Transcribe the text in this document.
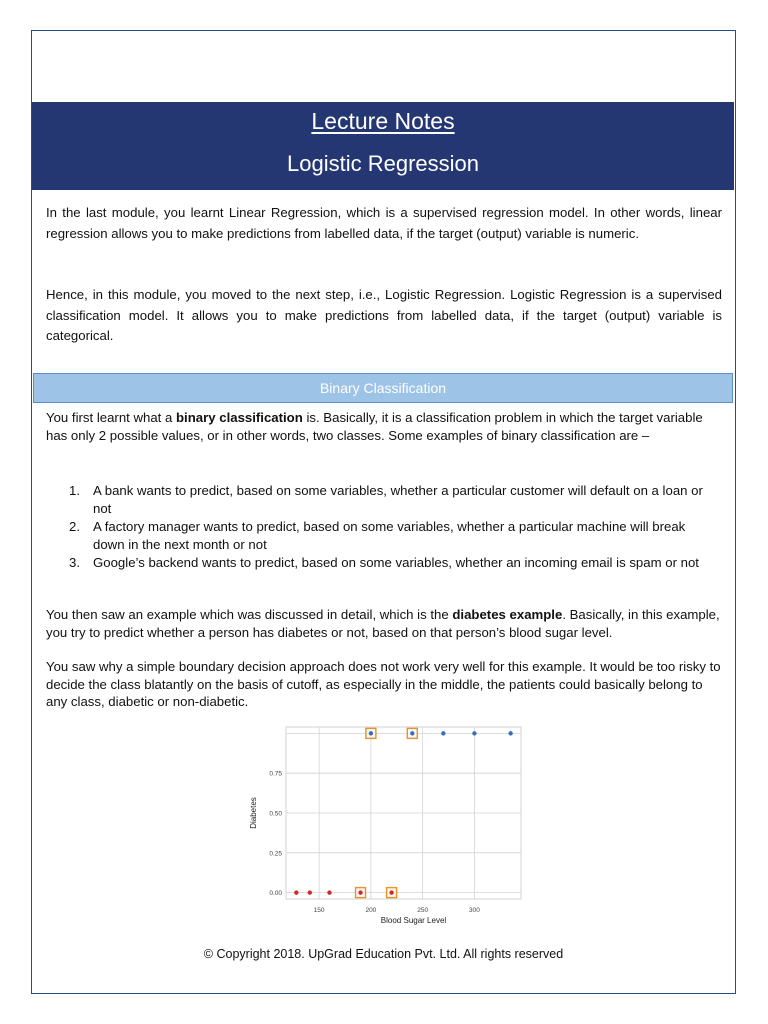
Lecture Notes
Logistic Regression
In the last module, you learnt Linear Regression, which is a supervised regression model. In other words, linear regression allows you to make predictions from labelled data, if the target (output) variable is numeric.
Hence, in this module, you moved to the next step, i.e., Logistic Regression. Logistic Regression is a supervised classification model. It allows you to make predictions from labelled data, if the target (output) variable is categorical.
Binary Classification
You first learnt what a binary classification is. Basically, it is a classification problem in which the target variable has only 2 possible values, or in other words, two classes. Some examples of binary classification are –
1. A bank wants to predict, based on some variables, whether a particular customer will default on a loan or not
2. A factory manager wants to predict, based on some variables, whether a particular machine will break down in the next month or not
3. Google’s backend wants to predict, based on some variables, whether an incoming email is spam or not
You then saw an example which was discussed in detail, which is the diabetes example. Basically, in this example, you try to predict whether a person has diabetes or not, based on that person’s blood sugar level.
You saw why a simple boundary decision approach does not work very well for this example. It would be too risky to decide the class blatantly on the basis of cutoff, as especially in the middle, the patients could basically belong to any class, diabetic or non-diabetic.
150	200	250	300
0.00
0.25
0.50
0.75
Blood Sugar Level
Diabetes
© Copyright 2018. UpGrad Education Pvt. Ltd. All rights reserved
